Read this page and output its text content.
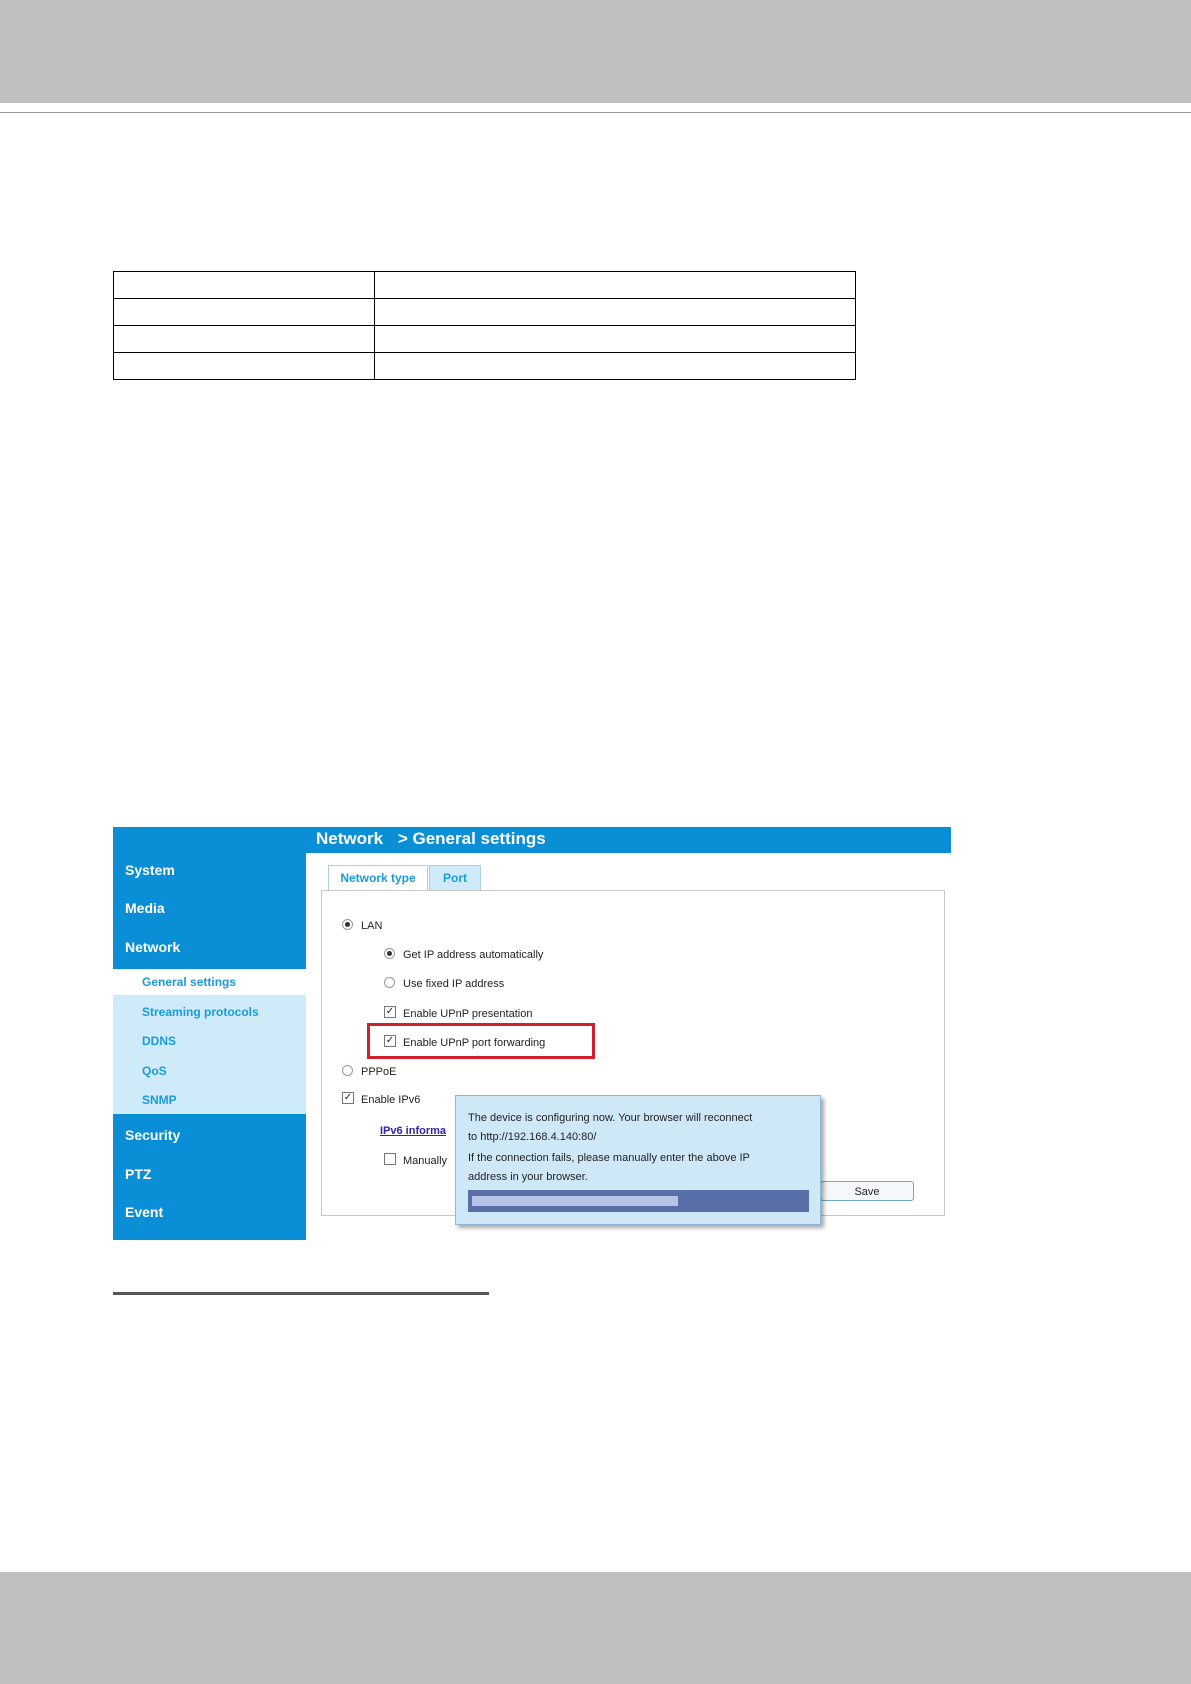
System
Media
Network
General settings
Streaming protocols
DDNS
QoS
SNMP
Security
PTZ
Event
Network > General settings
Network type	Port
LAN
Get IP address automatically
Use fixed IP address
✓Enable UPnP presentation
✓Enable UPnP port forwarding
PPPoE
✓Enable IPv6
IPv6 informa
Manually
Save
The device is configuring now. Your browser will reconnect
to http://192.168.4.140:80/
If the connection fails, please manually enter the above IP
address in your browser.
